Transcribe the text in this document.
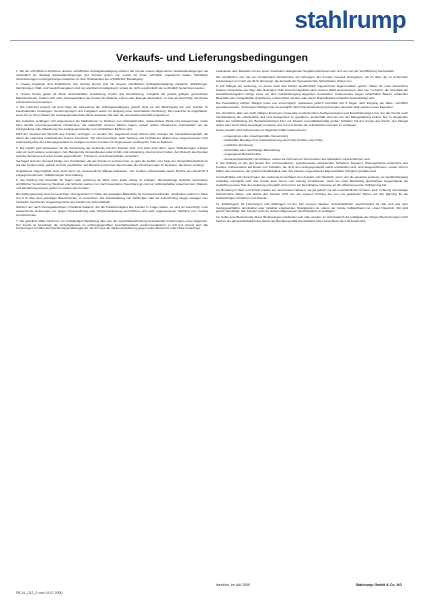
stahlrump
Verkaufs- und Lieferungsbedingungen

1. Mit der schriftlichen Annahme unserer schriftlichen Auftragsbestätigung erkennt der Kunde unsere allgemeinen Verkaufsbedingungen als verbindlich an. Etwaige Einkaufsbedingungen des Kunden gelten nur, soweit wir ihnen schriftlich zugestimmt haben. Mündliche Vereinbarungen und Ergänzungen bedürfen zu ihrer Wirksamkeit der schriftlichen Bestätigung.

2. Unsere Angebote sind freibleibend. Der Vertrag kommt erst mit unserer schriftlichen Auftragsbestätigung zustande. Abbildungen, Zeichnungen, Maß- und Gewichtsangaben sind nur annähernd maßgebend, soweit sie nicht ausdrücklich als verbindlich bezeichnet werden.

3. Unsere Preise gelten ab Werk, ausschließlich Verpackung, Fracht und Versicherung, zuzüglich der jeweils gültigen gesetzlichen Mehrwertsteuer. Ändern sich nach Vertragsschluss die Kosten für Material, Löhne oder Energie wesentlich, so sind wir berechtigt, die Preise entsprechend anzupassen.

4. Die Lieferfrist beginnt mit dem Tage der Absendung der Auftragsbestätigung, jedoch nicht vor der Beibringung der vom Kunden zu beschaffenden Unterlagen, Genehmigungen und Freigaben sowie vor Eingang einer vereinbarten Anzahlung. Die Lieferfrist ist eingehalten, wenn bis zu ihrem Ablauf der Liefergegenstand das Werk verlassen hat oder die Versandbereitschaft mitgeteilt ist.

Die Lieferfrist verlängert sich angemessen bei Maßnahmen im Rahmen von Arbeitskämpfen, insbesondere Streik und Aussperrung, sowie beim Eintritt unvorhergesehener Hindernisse, die außerhalb unseres Willens liegen, soweit solche Hindernisse nachweislich auf die Fertigstellung oder Ablieferung des Liefergegenstandes von erheblichem Einfluss sind.

Wird der Versand auf Wunsch des Kunden verzögert, so werden ihm, beginnend einen Monat nach Anzeige der Versandbereitschaft, die durch die Lagerung entstandenen Kosten berechnet. Wir sind berechtigt, nach Setzung und fruchtlosem Ablauf einer angemessenen Frist anderweitig über den Liefergegenstand zu verfügen und den Kunden mit angemessen verlängerter Frist zu beliefern.

5. Die Gefahr geht spätestens mit der Absendung der Lieferteile auf den Kunden über, und zwar auch dann, wenn Teillieferungen erfolgen oder wir noch andere Leistungen, zum Beispiel die Versandkosten oder Anfuhr und Aufstellung, übernommen haben. Auf Wunsch des Kunden wird die Sendung auf seine Kosten gegen Bruch-, Transport- und Feuerschäden versichert.

Verzögert sich der Versand infolge von Umständen, die der Kunde zu vertreten hat, so geht die Gefahr vom Tage der Versandbereitschaft an auf den Kunden über; jedoch sind wir verpflichtet, auf Wunsch und Kosten des Kunden die Versicherungen zu bewirken, die dieser verlangt.

Angelieferte Gegenstände sind, auch wenn sie unwesentliche Mängel aufweisen, vom Kunden unbeschadet seiner Rechte aus Abschnitt 8 entgegenzunehmen. Teillieferungen sind zulässig.

6. Die Zahlung hat innerhalb 30 Tagen nach Lieferung ab Werk ohne jeden Abzug zu erfolgen. Skontoabzüge bedürfen besonderer schriftlicher Vereinbarung. Wechsel und Schecks werden nur nach besonderer Vereinbarung und nur zahlungshalber angenommen; Diskont- und Einziehungsspesen gehen zu Lasten des Kunden.

Bei Zahlungsverzug sind wir berechtigt, Verzugszinsen in Höhe der jeweiligen Banksätze für Kontokorrentkredite, mindestens jedoch in Höhe von 8 % über dem jeweiligen Basiszinssatz, zu berechnen. Die Zurückhaltung von Zahlungen oder die Aufrechnung wegen etwaiger vom Verkäufer bestrittener Gegenansprüche des Kunden ist nicht statthaft.

Werden uns nach Vertragsabschluss Umstände bekannt, die die Kreditwürdigkeit des Kunden in Frage stellen, so sind wir berechtigt, noch ausstehende Lieferungen nur gegen Vorauszahlung oder Sicherheitsleistung auszuführen und nach angemessener Nachfrist vom Vertrag zurückzutreten.

7. Die gelieferte Ware bleibt bis zur vollständigen Bezahlung aller aus der Geschäftsverbindung bestehenden Forderungen unser Eigentum. Der Kunde ist berechtigt, die Vorbehaltsware im ordnungsgemäßen Geschäftsverkehr weiterzuveräußern; er tritt uns bereits jetzt alle Forderungen in Höhe des Rechnungsendbetrages ab, die ihm aus der Weiterveräußerung gegen seine Abnehmer oder Dritte erwachsen.

Lieferanten dem Besteller mit der einem Kaufmann obliegenden Sorgfalt nachzukommen und uns von der Verpflichtung freizustellen.

Wir verpflichten uns, die uns zustehenden Sicherheiten auf Verlangen des Kunden insoweit freizugeben, als ihr Wert die zu sichernden Forderungen um mehr als 20 % übersteigt; die Auswahl der freizugebenden Sicherheiten obliegt uns.

8. Für Mängel der Lieferung, zu denen auch das Fehlen ausdrücklich zugesicherter Eigenschaften gehört, haften wir unter Ausschluss weiterer Ansprüche wie folgt: Alle diejenigen Teile sind unentgeltlich nach unserer Wahl auszubessern oder neu zu liefern, die innerhalb der Gewährleistungsfrist infolge eines vor dem Gefahrübergang liegenden Umstandes, insbesondere wegen fehlerhafter Bauart, schlechter Baustoffe oder mangelhafter Ausführung, unbrauchbar werden oder deren Brauchbarkeit erheblich beeinträchtigt wird.

Die Feststellung solcher Mängel muss uns unverzüglich, spätestens jedoch innerhalb von 8 Tagen nach Eingang der Ware, schriftlich gemeldet werden. Verborgene Mängel sind unverzüglich nach ihrer Entdeckung anzuzeigen. Ersetzte Teile werden unser Eigentum.

Zur Vornahme aller uns nach billigem Ermessen notwendig erscheinenden Ausbesserungen und Ersatzlieferungen hat uns der Kunde nach Verständigung die erforderliche Zeit und Gelegenheit zu gewähren, andernfalls sind wir von der Mängelhaftung befreit. Nur in dringenden Fällen der Gefährdung der Betriebssicherheit bzw. zur Abwehr unverhältnismäßig großer Schäden hat der Kunde das Recht, den Mangel selbst oder durch Dritte beseitigen zu lassen und von uns Ersatz der erforderlichen Kosten zu verlangen.

Keine Gewähr wird insbesondere in folgenden Fällen übernommen:

– ungeeignete oder unsachgemäße Verwendung

– fehlerhafte Montage bzw. Inbetriebsetzung durch den Kunden oder Dritte

– natürliche Abnutzung

– fehlerhafte oder nachlässige Behandlung

– ungeeignete Betriebsmittel

– Austauschwerkstoffe und Arbeiten, soweit sie nicht auf ein Verschulden des Verkäufers zurückzuführen sind

9. Die Haftung ist auf den Ersatz des vorhersehbaren, typischerweise eintretenden Schadens begrenzt. Weitergehende Ansprüche des Kunden, insbesondere auf Ersatz von Schäden, die nicht am Liefergegenstand selbst entstanden sind, sind ausgeschlossen, soweit nicht in Fällen des Vorsatzes, der groben Fahrlässigkeit oder des Fehlens zugesicherter Eigenschaften zwingend gehaftet wird.

Unmöglichkeit und Unvermögen der Lieferung berechtigen den Kunden zum Rücktritt, wenn uns die gesamte Leistung vor Gefahrübergang endgültig unmöglich wird. Der Kunde kann ferner vom Vertrag zurücktreten, wenn bei einer Bestellung gleichartiger Gegenstände die Ausführung eines Teils der Lieferung unmöglich wird und er ein berechtigtes Interesse an der Ablehnung einer Teillieferung hat.

10. Beratung in Wort und Schrift erteilen wir nach bestem Wissen; sie gilt jedoch nur als unverbindlicher Hinweis, auch in Bezug auf etwaige Schutzrechte Dritter, und befreit den Kunden nicht von der eigenen Prüfung der von uns gelieferten Waren auf ihre Eignung für die beabsichtigten Verfahren und Zwecke.

11. Erfüllungsort für Lieferungen und Zahlungen ist der Sitz unseres Werkes. Ausschließlicher Gerichtsstand für alle sich aus dem Vertragsverhältnis unmittelbar oder mittelbar ergebenden Streitigkeiten ist, sofern der Kunde Vollkaufmann ist, unser Hauptsitz. Wir sind jedoch berechtigt, den Kunden auch an seinem allgemeinen Gerichtsstand zu verklagen.

12. Sollte eine Bestimmung dieser Bedingungen unwirksam sein oder werden, so wird dadurch die Gültigkeit der übrigen Bestimmungen nicht berührt. Es gilt ausschließlich das Recht der Bundesrepublik Deutschland unter Ausschluss des UN-Kaufrechts.

Iserlohn, im Juli 2000	Stahlrump GmbH & Co. KG
PB-VL_012_2 vom 14.07.2000
